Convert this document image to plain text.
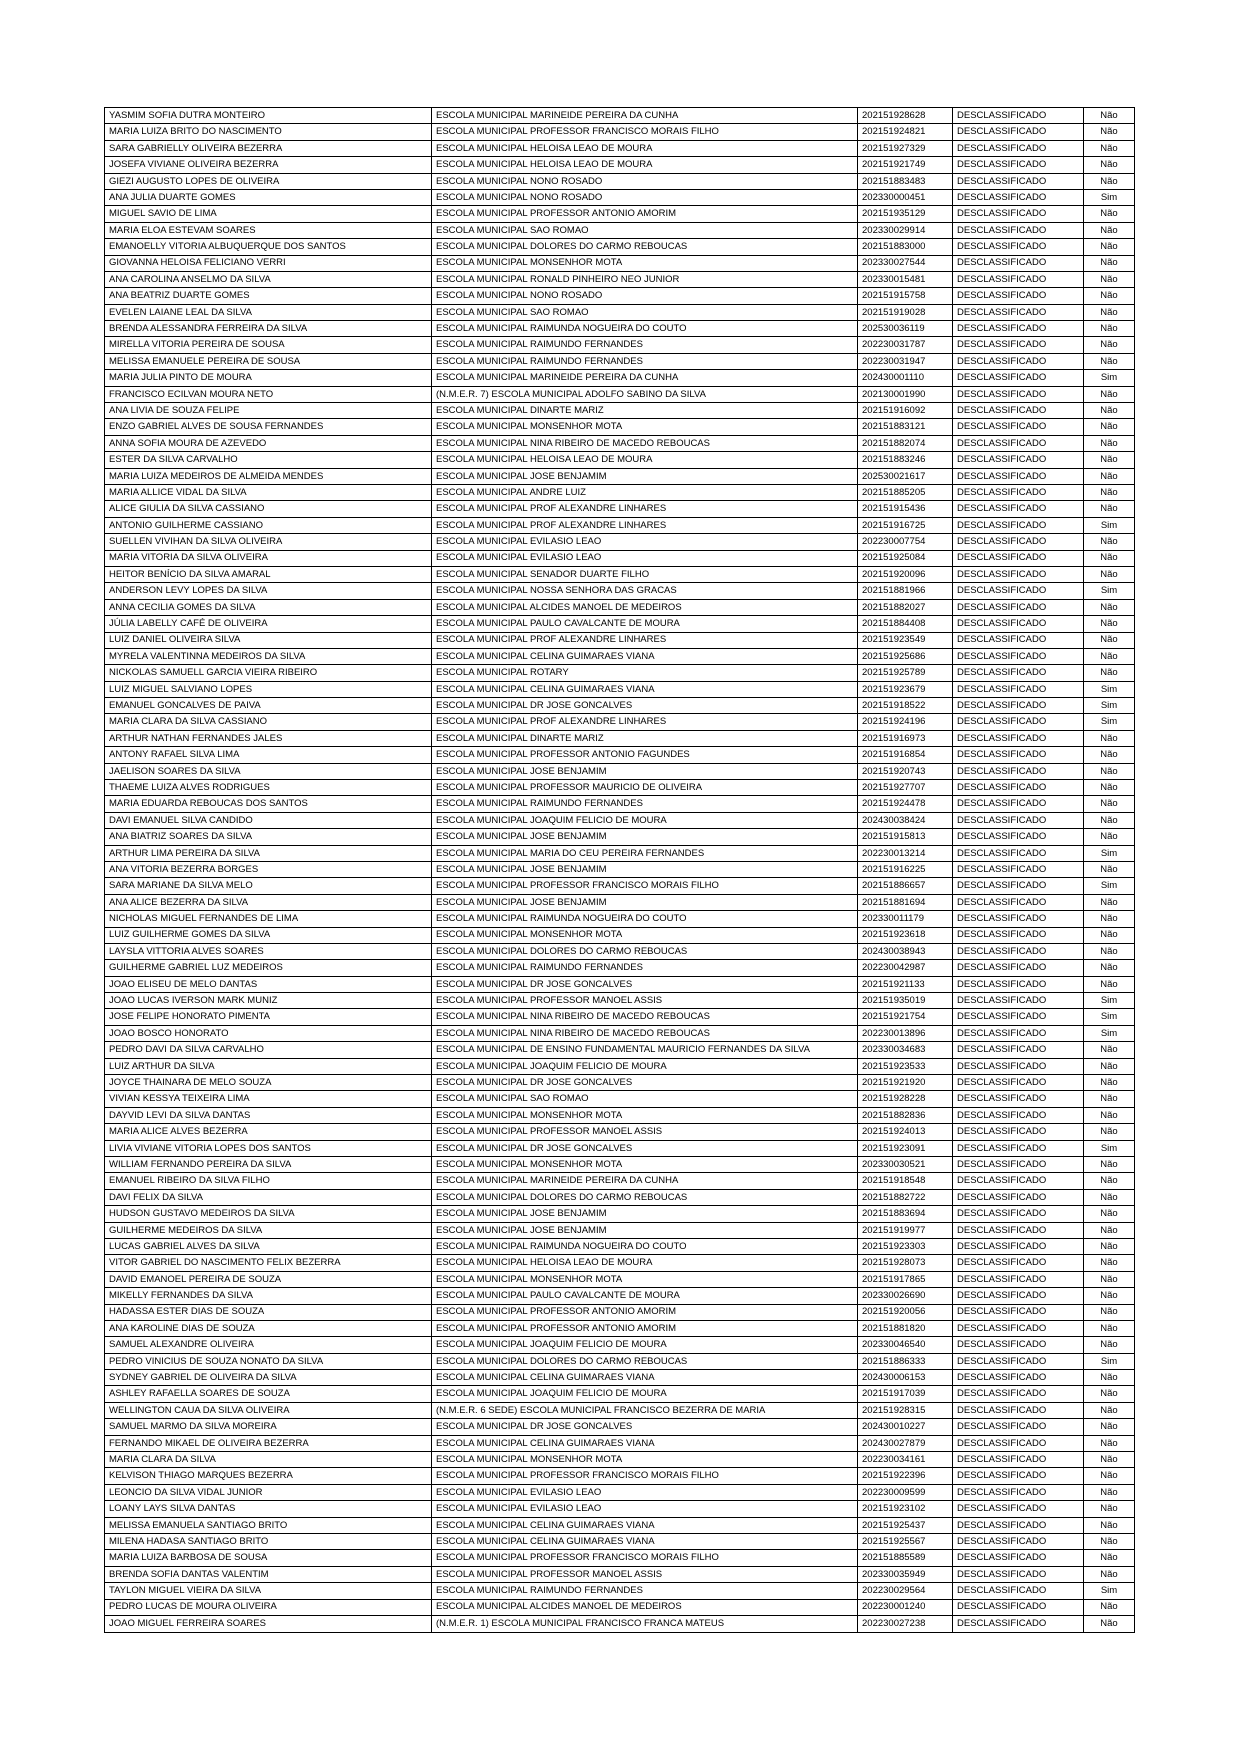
YASMIM SOFIA DUTRA MONTEIRO	ESCOLA MUNICIPAL MARINEIDE PEREIRA DA CUNHA	202151928628	DESCLASSIFICADO	Não
MARIA LUIZA BRITO DO NASCIMENTO	ESCOLA MUNICIPAL PROFESSOR FRANCISCO MORAIS FILHO	202151924821	DESCLASSIFICADO	Não
SARA GABRIELLY OLIVEIRA BEZERRA	ESCOLA MUNICIPAL HELOISA LEAO DE MOURA	202151927329	DESCLASSIFICADO	Não
JOSEFA VIVIANE OLIVEIRA BEZERRA	ESCOLA MUNICIPAL HELOISA LEAO DE MOURA	202151921749	DESCLASSIFICADO	Não
GIEZI AUGUSTO LOPES DE OLIVEIRA	ESCOLA MUNICIPAL NONO ROSADO	202151883483	DESCLASSIFICADO	Não
ANA JULIA DUARTE GOMES	ESCOLA MUNICIPAL NONO ROSADO	202330000451	DESCLASSIFICADO	Sim
MIGUEL SAVIO DE LIMA	ESCOLA MUNICIPAL PROFESSOR ANTONIO AMORIM	202151935129	DESCLASSIFICADO	Não
MARIA ELOA ESTEVAM SOARES	ESCOLA MUNICIPAL SAO ROMAO	202330029914	DESCLASSIFICADO	Não
EMANOELLY VITORIA ALBUQUERQUE DOS SANTOS	ESCOLA MUNICIPAL DOLORES DO CARMO REBOUCAS	202151883000	DESCLASSIFICADO	Não
GIOVANNA HELOISA FELICIANO VERRI	ESCOLA MUNICIPAL MONSENHOR MOTA	202330027544	DESCLASSIFICADO	Não
ANA CAROLINA ANSELMO DA SILVA	ESCOLA MUNICIPAL RONALD PINHEIRO NEO JUNIOR	202330015481	DESCLASSIFICADO	Não
ANA BEATRIZ DUARTE GOMES	ESCOLA MUNICIPAL NONO ROSADO	202151915758	DESCLASSIFICADO	Não
EVELEN LAIANE LEAL DA SILVA	ESCOLA MUNICIPAL SAO ROMAO	202151919028	DESCLASSIFICADO	Não
BRENDA ALESSANDRA FERREIRA DA SILVA	ESCOLA MUNICIPAL RAIMUNDA NOGUEIRA DO COUTO	202530036119	DESCLASSIFICADO	Não
MIRELLA VITORIA PEREIRA DE SOUSA	ESCOLA MUNICIPAL RAIMUNDO FERNANDES	202230031787	DESCLASSIFICADO	Não
MELISSA EMANUELE PEREIRA DE SOUSA	ESCOLA MUNICIPAL RAIMUNDO FERNANDES	202230031947	DESCLASSIFICADO	Não
MARIA JULIA PINTO DE MOURA	ESCOLA MUNICIPAL MARINEIDE PEREIRA DA CUNHA	202430001110	DESCLASSIFICADO	Sim
FRANCISCO ECILVAN MOURA NETO	(N.M.E.R. 7) ESCOLA MUNICIPAL ADOLFO SABINO DA SILVA	202130001990	DESCLASSIFICADO	Não
ANA LIVIA DE SOUZA FELIPE	ESCOLA MUNICIPAL DINARTE MARIZ	202151916092	DESCLASSIFICADO	Não
ENZO GABRIEL ALVES DE SOUSA FERNANDES	ESCOLA MUNICIPAL MONSENHOR MOTA	202151883121	DESCLASSIFICADO	Não
ANNA SOFIA MOURA DE AZEVEDO	ESCOLA MUNICIPAL NINA RIBEIRO DE MACEDO REBOUCAS	202151882074	DESCLASSIFICADO	Não
ESTER DA SILVA CARVALHO	ESCOLA MUNICIPAL HELOISA LEAO DE MOURA	202151883246	DESCLASSIFICADO	Não
MARIA LUIZA MEDEIROS DE ALMEIDA MENDES	ESCOLA MUNICIPAL JOSE BENJAMIM	202530021617	DESCLASSIFICADO	Não
MARIA ALLICE VIDAL DA SILVA	ESCOLA MUNICIPAL ANDRE LUIZ	202151885205	DESCLASSIFICADO	Não
ALICE GIULIA DA SILVA CASSIANO	ESCOLA MUNICIPAL PROF ALEXANDRE LINHARES	202151915436	DESCLASSIFICADO	Não
ANTONIO GUILHERME CASSIANO	ESCOLA MUNICIPAL PROF ALEXANDRE LINHARES	202151916725	DESCLASSIFICADO	Sim
SUELLEN VIVIHAN DA SILVA OLIVEIRA	ESCOLA MUNICIPAL EVILASIO LEAO	202230007754	DESCLASSIFICADO	Não
MARIA VITORIA DA SILVA OLIVEIRA	ESCOLA MUNICIPAL EVILASIO LEAO	202151925084	DESCLASSIFICADO	Não
HEITOR BENÍCIO DA SILVA AMARAL	ESCOLA MUNICIPAL SENADOR DUARTE FILHO	202151920096	DESCLASSIFICADO	Não
ANDERSON LEVY LOPES DA SILVA	ESCOLA MUNICIPAL NOSSA SENHORA DAS GRACAS	202151881966	DESCLASSIFICADO	Sim
ANNA CECILIA GOMES DA SILVA	ESCOLA MUNICIPAL ALCIDES MANOEL DE MEDEIROS	202151882027	DESCLASSIFICADO	Não
JÚLIA LABELLY CAFÉ DE OLIVEIRA	ESCOLA MUNICIPAL PAULO CAVALCANTE DE MOURA	202151884408	DESCLASSIFICADO	Não
LUIZ DANIEL OLIVEIRA SILVA	ESCOLA MUNICIPAL PROF ALEXANDRE LINHARES	202151923549	DESCLASSIFICADO	Não
MYRELA VALENTINNA MEDEIROS DA SILVA	ESCOLA MUNICIPAL CELINA GUIMARAES VIANA	202151925686	DESCLASSIFICADO	Não
NICKOLAS SAMUELL GARCIA VIEIRA RIBEIRO	ESCOLA MUNICIPAL ROTARY	202151925789	DESCLASSIFICADO	Não
LUIZ MIGUEL SALVIANO LOPES	ESCOLA MUNICIPAL CELINA GUIMARAES VIANA	202151923679	DESCLASSIFICADO	Sim
EMANUEL GONCALVES DE PAIVA	ESCOLA MUNICIPAL DR JOSE GONCALVES	202151918522	DESCLASSIFICADO	Sim
MARIA CLARA DA SILVA CASSIANO	ESCOLA MUNICIPAL PROF ALEXANDRE LINHARES	202151924196	DESCLASSIFICADO	Sim
ARTHUR NATHAN FERNANDES JALES	ESCOLA MUNICIPAL DINARTE MARIZ	202151916973	DESCLASSIFICADO	Não
ANTONY RAFAEL SILVA LIMA	ESCOLA MUNICIPAL PROFESSOR ANTONIO FAGUNDES	202151916854	DESCLASSIFICADO	Não
JAELISON SOARES DA SILVA	ESCOLA MUNICIPAL JOSE BENJAMIM	202151920743	DESCLASSIFICADO	Não
THAEME LUIZA ALVES RODRIGUES	ESCOLA MUNICIPAL PROFESSOR MAURICIO DE OLIVEIRA	202151927707	DESCLASSIFICADO	Não
MARIA EDUARDA REBOUCAS DOS SANTOS	ESCOLA MUNICIPAL RAIMUNDO FERNANDES	202151924478	DESCLASSIFICADO	Não
DAVI EMANUEL SILVA CANDIDO	ESCOLA MUNICIPAL JOAQUIM FELICIO DE MOURA	202430038424	DESCLASSIFICADO	Não
ANA BIATRIZ SOARES DA SILVA	ESCOLA MUNICIPAL JOSE BENJAMIM	202151915813	DESCLASSIFICADO	Não
ARTHUR LIMA PEREIRA DA SILVA	ESCOLA MUNICIPAL MARIA DO CEU PEREIRA FERNANDES	202230013214	DESCLASSIFICADO	Sim
ANA VITORIA BEZERRA BORGES	ESCOLA MUNICIPAL JOSE BENJAMIM	202151916225	DESCLASSIFICADO	Não
SARA MARIANE DA SILVA MELO	ESCOLA MUNICIPAL PROFESSOR FRANCISCO MORAIS FILHO	202151886657	DESCLASSIFICADO	Sim
ANA ALICE BEZERRA DA SILVA	ESCOLA MUNICIPAL JOSE BENJAMIM	202151881694	DESCLASSIFICADO	Não
NICHOLAS MIGUEL FERNANDES DE LIMA	ESCOLA MUNICIPAL RAIMUNDA NOGUEIRA DO COUTO	202330011179	DESCLASSIFICADO	Não
LUIZ GUILHERME GOMES DA SILVA	ESCOLA MUNICIPAL MONSENHOR MOTA	202151923618	DESCLASSIFICADO	Não
LAYSLA VITTORIA ALVES SOARES	ESCOLA MUNICIPAL DOLORES DO CARMO REBOUCAS	202430038943	DESCLASSIFICADO	Não
GUILHERME GABRIEL LUZ MEDEIROS	ESCOLA MUNICIPAL RAIMUNDO FERNANDES	202230042987	DESCLASSIFICADO	Não
JOAO ELISEU DE MELO DANTAS	ESCOLA MUNICIPAL DR JOSE GONCALVES	202151921133	DESCLASSIFICADO	Não
JOAO LUCAS IVERSON MARK MUNIZ	ESCOLA MUNICIPAL PROFESSOR MANOEL ASSIS	202151935019	DESCLASSIFICADO	Sim
JOSE FELIPE HONORATO PIMENTA	ESCOLA MUNICIPAL NINA RIBEIRO DE MACEDO REBOUCAS	202151921754	DESCLASSIFICADO	Sim
JOAO BOSCO HONORATO	ESCOLA MUNICIPAL NINA RIBEIRO DE MACEDO REBOUCAS	202230013896	DESCLASSIFICADO	Sim
PEDRO DAVI DA SILVA CARVALHO	ESCOLA MUNICIPAL DE ENSINO FUNDAMENTAL MAURICIO FERNANDES DA SILVA	202330034683	DESCLASSIFICADO	Não
LUIZ ARTHUR DA SILVA	ESCOLA MUNICIPAL JOAQUIM FELICIO DE MOURA	202151923533	DESCLASSIFICADO	Não
JOYCE THAINARA DE MELO SOUZA	ESCOLA MUNICIPAL DR JOSE GONCALVES	202151921920	DESCLASSIFICADO	Não
VIVIAN KESSYA TEIXEIRA LIMA	ESCOLA MUNICIPAL SAO ROMAO	202151928228	DESCLASSIFICADO	Não
DAYVID LEVI DA SILVA DANTAS	ESCOLA MUNICIPAL MONSENHOR MOTA	202151882836	DESCLASSIFICADO	Não
MARIA ALICE ALVES BEZERRA	ESCOLA MUNICIPAL PROFESSOR MANOEL ASSIS	202151924013	DESCLASSIFICADO	Não
LIVIA VIVIANE VITORIA LOPES DOS SANTOS	ESCOLA MUNICIPAL DR JOSE GONCALVES	202151923091	DESCLASSIFICADO	Sim
WILLIAM FERNANDO PEREIRA DA SILVA	ESCOLA MUNICIPAL MONSENHOR MOTA	202330030521	DESCLASSIFICADO	Não
EMANUEL RIBEIRO DA SILVA FILHO	ESCOLA MUNICIPAL MARINEIDE PEREIRA DA CUNHA	202151918548	DESCLASSIFICADO	Não
DAVI FELIX DA SILVA	ESCOLA MUNICIPAL DOLORES DO CARMO REBOUCAS	202151882722	DESCLASSIFICADO	Não
HUDSON GUSTAVO MEDEIROS DA SILVA	ESCOLA MUNICIPAL JOSE BENJAMIM	202151883694	DESCLASSIFICADO	Não
GUILHERME MEDEIROS DA SILVA	ESCOLA MUNICIPAL JOSE BENJAMIM	202151919977	DESCLASSIFICADO	Não
LUCAS GABRIEL ALVES DA SILVA	ESCOLA MUNICIPAL RAIMUNDA NOGUEIRA DO COUTO	202151923303	DESCLASSIFICADO	Não
VITOR GABRIEL DO NASCIMENTO FELIX BEZERRA	ESCOLA MUNICIPAL HELOISA LEAO DE MOURA	202151928073	DESCLASSIFICADO	Não
DAVID EMANOEL PEREIRA DE SOUZA	ESCOLA MUNICIPAL MONSENHOR MOTA	202151917865	DESCLASSIFICADO	Não
MIKELLY FERNANDES DA SILVA	ESCOLA MUNICIPAL PAULO CAVALCANTE DE MOURA	202330026690	DESCLASSIFICADO	Não
HADASSA ESTER DIAS DE SOUZA	ESCOLA MUNICIPAL PROFESSOR ANTONIO AMORIM	202151920056	DESCLASSIFICADO	Não
ANA KAROLINE DIAS DE SOUZA	ESCOLA MUNICIPAL PROFESSOR ANTONIO AMORIM	202151881820	DESCLASSIFICADO	Não
SAMUEL ALEXANDRE OLIVEIRA	ESCOLA MUNICIPAL JOAQUIM FELICIO DE MOURA	202330046540	DESCLASSIFICADO	Não
PEDRO VINICIUS DE SOUZA NONATO DA SILVA	ESCOLA MUNICIPAL DOLORES DO CARMO REBOUCAS	202151886333	DESCLASSIFICADO	Sim
SYDNEY GABRIEL DE OLIVEIRA DA SILVA	ESCOLA MUNICIPAL CELINA GUIMARAES VIANA	202430006153	DESCLASSIFICADO	Não
ASHLEY RAFAELLA SOARES DE SOUZA	ESCOLA MUNICIPAL JOAQUIM FELICIO DE MOURA	202151917039	DESCLASSIFICADO	Não
WELLINGTON CAUA DA SILVA OLIVEIRA	(N.M.E.R. 6 SEDE) ESCOLA MUNICIPAL FRANCISCO BEZERRA DE MARIA	202151928315	DESCLASSIFICADO	Não
SAMUEL MARMO DA SILVA MOREIRA	ESCOLA MUNICIPAL DR JOSE GONCALVES	202430010227	DESCLASSIFICADO	Não
FERNANDO MIKAEL DE OLIVEIRA BEZERRA	ESCOLA MUNICIPAL CELINA GUIMARAES VIANA	202430027879	DESCLASSIFICADO	Não
MARIA CLARA DA SILVA	ESCOLA MUNICIPAL MONSENHOR MOTA	202230034161	DESCLASSIFICADO	Não
KELVISON THIAGO MARQUES BEZERRA	ESCOLA MUNICIPAL PROFESSOR FRANCISCO MORAIS FILHO	202151922396	DESCLASSIFICADO	Não
LEONCIO DA SILVA VIDAL JUNIOR	ESCOLA MUNICIPAL EVILASIO LEAO	202230009599	DESCLASSIFICADO	Não
LOANY LAYS SILVA DANTAS	ESCOLA MUNICIPAL EVILASIO LEAO	202151923102	DESCLASSIFICADO	Não
MELISSA EMANUELA SANTIAGO BRITO	ESCOLA MUNICIPAL CELINA GUIMARAES VIANA	202151925437	DESCLASSIFICADO	Não
MILENA HADASA SANTIAGO BRITO	ESCOLA MUNICIPAL CELINA GUIMARAES VIANA	202151925567	DESCLASSIFICADO	Não
MARIA LUIZA BARBOSA DE SOUSA	ESCOLA MUNICIPAL PROFESSOR FRANCISCO MORAIS FILHO	202151885589	DESCLASSIFICADO	Não
BRENDA SOFIA DANTAS VALENTIM	ESCOLA MUNICIPAL PROFESSOR MANOEL ASSIS	202330035949	DESCLASSIFICADO	Não
TAYLON MIGUEL VIEIRA DA SILVA	ESCOLA MUNICIPAL RAIMUNDO FERNANDES	202230029564	DESCLASSIFICADO	Sim
PEDRO LUCAS DE MOURA OLIVEIRA	ESCOLA MUNICIPAL ALCIDES MANOEL DE MEDEIROS	202230001240	DESCLASSIFICADO	Não
JOAO MIGUEL FERREIRA SOARES	(N.M.E.R. 1) ESCOLA MUNICIPAL FRANCISCO FRANCA MATEUS	202230027238	DESCLASSIFICADO	Não
